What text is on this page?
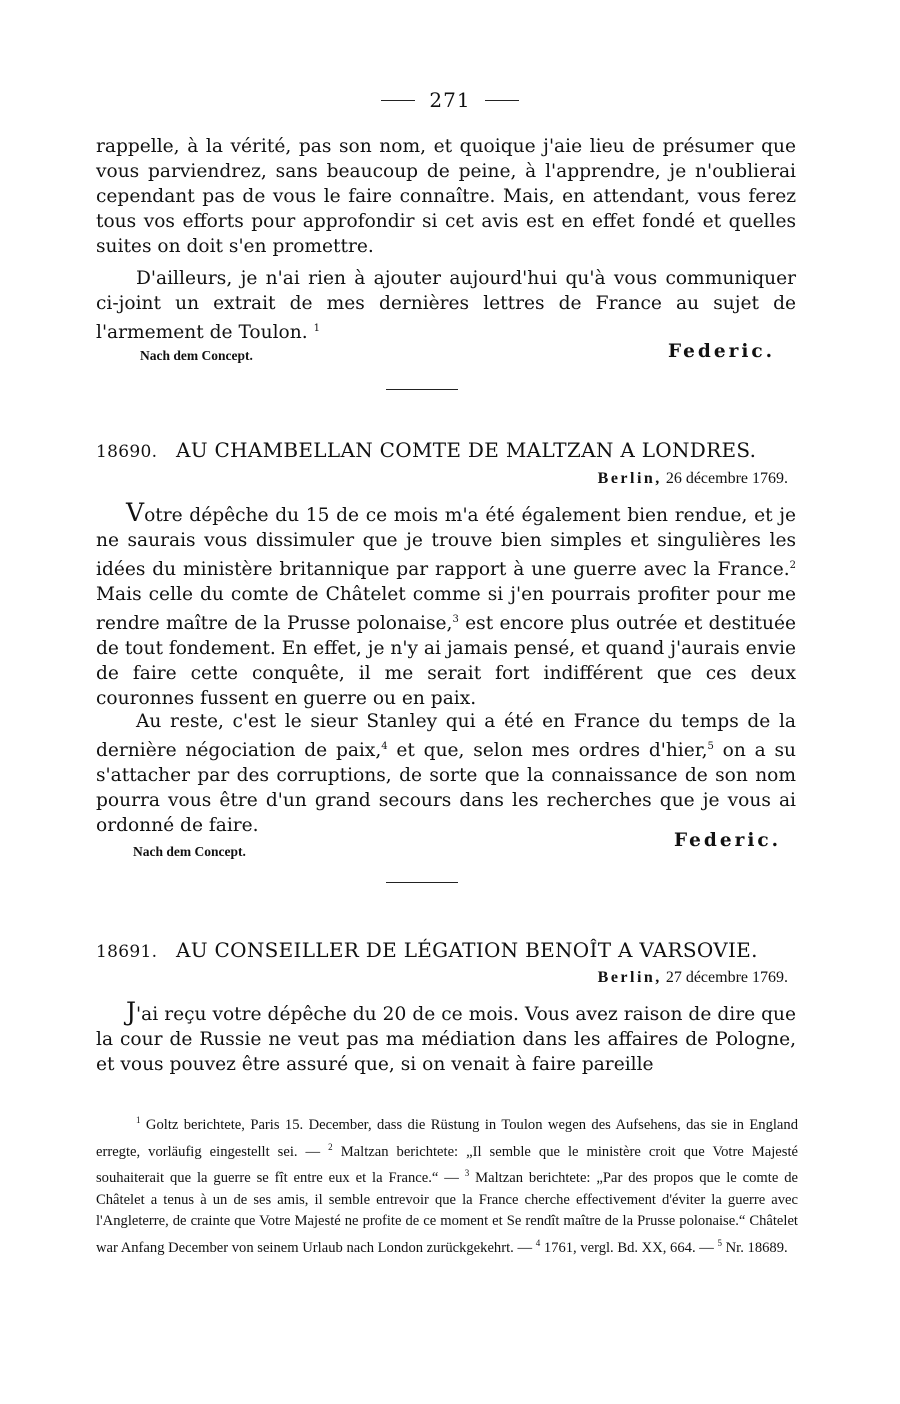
271
rappelle, à la vérité, pas son nom, et quoique j'aie lieu de présumer que vous parviendrez, sans beaucoup de peine, à l'apprendre, je n'oublierai cependant pas de vous le faire connaître. Mais, en attendant, vous ferez tous vos efforts pour approfondir si cet avis est en effet fondé et quelles suites on doit s'en promettre.
D'ailleurs, je n'ai rien à ajouter aujourd'hui qu'à vous communiquer ci-joint un extrait de mes dernières lettres de France au sujet de l'armement de Toulon. $^1$
Nach dem Concept.	Federic.
18690. AU CHAMBELLAN COMTE DE MALTZAN A LONDRES.
Berlin, 26 décembre 1769.
Votre dépêche du 15 de ce mois m'a été également bien rendue, et je ne saurais vous dissimuler que je trouve bien simples et singulières les idées du ministère britannique par rapport à une guerre avec la France.$^2$ Mais celle du comte de Châtelet comme si j'en pourrais profiter pour me rendre maître de la Prusse polonaise,$^3$ est encore plus outrée et destituée de tout fondement. En effet, je n'y ai jamais pensé, et quand j'aurais envie de faire cette conquête, il me serait fort indifférent que ces deux couronnes fussent en guerre ou en paix.
Au reste, c'est le sieur Stanley qui a été en France du temps de la dernière négociation de paix,$^4$ et que, selon mes ordres d'hier,$^5$ on a su s'attacher par des corruptions, de sorte que la connaissance de son nom pourra vous être d'un grand secours dans les recherches que je vous ai ordonné de faire.
Nach dem Concept.
Federic.
18691. AU CONSEILLER DE LÉGATION BENOÎT A VARSOVIE.
Berlin, 27 décembre 1769.
J'ai reçu votre dépêche du 20 de ce mois. Vous avez raison de dire que la cour de Russie ne veut pas ma médiation dans les affaires de Pologne, et vous pouvez être assuré que, si on venait à faire pareille

$^1$ Goltz berichtete, Paris 15. December, dass die Rüstung in Toulon wegen des Aufsehens, das sie in England erregte, vorläufig eingestellt sei. — $^2$ Maltzan berichtete: „Il semble que le ministère croit que Votre Majesté souhaiterait que la guerre se fît entre eux et la France.“ — $^3$ Maltzan berichtete: „Par des propos que le comte de Châtelet a tenus à un de ses amis, il semble entrevoir que la France cherche effectivement d'éviter la guerre avec l'Angleterre, de crainte que Votre Majesté ne profite de ce moment et Se rendît maître de la Prusse polonaise.“ Châtelet war Anfang December von seinem Urlaub nach London zurückgekehrt. — $^4$ 1761, vergl. Bd. XX, 664. — $^5$ Nr. 18689.
